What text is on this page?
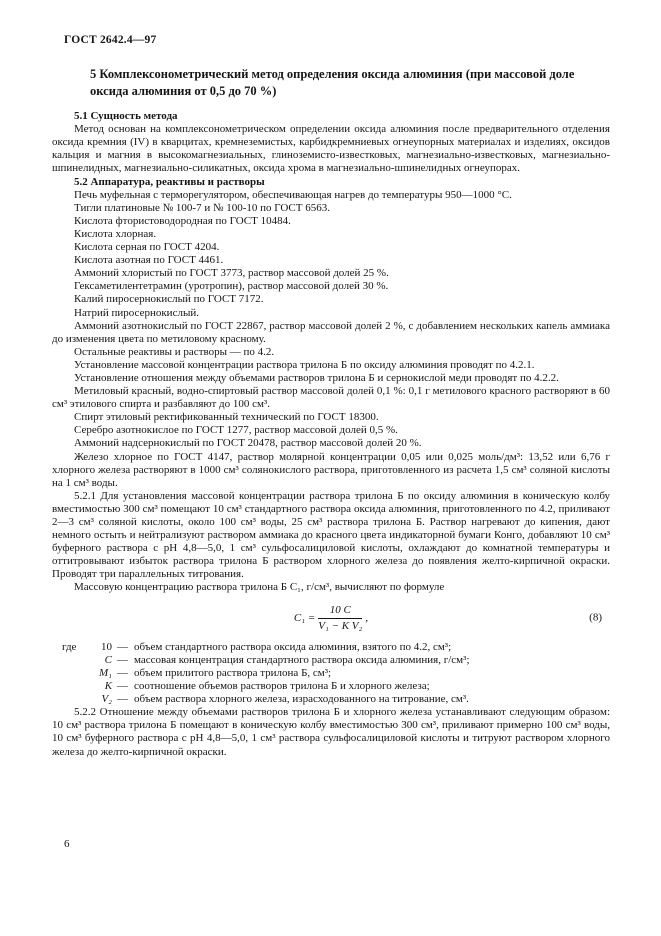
ГОСТ 2642.4—97
5 Комплексонометрический метод определения оксида алюминия (при массовой доле оксида алюминия от 0,5 до 70 %)
5.1 Сущность метода

Метод основан на комплексонометрическом определении оксида алюминия после предварительного отделения оксида кремния (IV) в кварцитах, кремнеземистых, карбидкремниевых огнеупорных материалах и изделиях, оксидов кальция и магния в высокомагнезиальных, глиноземисто-известковых, магнезиально-известковых, магнезиально-шпинелидных, магнезиально-силикатных, оксида хрома в магнезиально-шпинелидных огнеупорах.

5.2 Аппаратура, реактивы и растворы

Печь муфельная с терморегулятором, обеспечивающая нагрев до температуры 950—1000 °С.

Тигли платиновые № 100-7 и № 100-10 по ГОСТ 6563.

Кислота фтористоводородная по ГОСТ 10484.

Кислота хлорная.

Кислота серная по ГОСТ 4204.

Кислота азотная по ГОСТ 4461.

Аммоний хлористый по ГОСТ 3773, раствор массовой долей 25 %.

Гексаметилентетрамин (уротропин), раствор массовой долей 30 %.

Калий пиросернокислый по ГОСТ 7172.

Натрий пиросернокислый.

Аммоний азотнокислый по ГОСТ 22867, раствор массовой долей 2 %, с добавлением нескольких капель аммиака до изменения цвета по метиловому красному.

Остальные реактивы и растворы — по 4.2.

Установление массовой концентрации раствора трилона Б по оксиду алюминия проводят по 4.2.1.

Установление отношения между объемами растворов трилона Б и сернокислой меди проводят по 4.2.2.

Метиловый красный, водно-спиртовый раствор массовой долей 0,1 %: 0,1 г метилового красного растворяют в 60 см³ этилового спирта и разбавляют до 100 см³.

Спирт этиловый ректификованный технический по ГОСТ 18300.

Серебро азотнокислое по ГОСТ 1277, раствор массовой долей 0,5 %.

Аммоний надсернокислый по ГОСТ 20478, раствор массовой долей 20 %.

Железо хлорное по ГОСТ 4147, раствор молярной концентрации 0,05 или 0,025 моль/дм³: 13,52 или 6,76 г хлорного железа растворяют в 1000 см³ солянокислого раствора, приготовленного из расчета 1,5 см³ соляной кислоты на 1 см³ воды.

5.2.1 Для установления массовой концентрации раствора трилона Б по оксиду алюминия в коническую колбу вместимостью 300 см³ помещают 10 см³ стандартного раствора оксида алюминия, приготовленного по 4.2, приливают 2—3 см³ соляной кислоты, около 100 см³ воды, 25 см³ раствора трилона Б. Раствор нагревают до кипения, дают немного остыть и нейтрализуют раствором аммиака до красного цвета индикаторной бумаги Конго, добавляют 10 см³ буферного раствора с рН 4,8—5,0, 1 см³ сульфосалициловой кислоты, охлаждают до комнатной температуры и оттитровывают избыток раствора трилона Б раствором хлорного железа до появления желто-кирпичной окраски. Проводят три параллельных титрования.

Массовую концентрацию раствора трилона Б С₁, г/см³, вычисляют по формуле

$С_1 = \frac{10 С}{\text{V₁ − К V₂}}$ ,	(8)
где	10 — объем стандартного раствора оксида алюминия, взятого по 4.2, см³;
С — массовая концентрация стандартного раствора оксида алюминия, г/см³;
М₁ — объем прилитого раствора трилона Б, см³;
К — соотношение объемов растворов трилона Б и хлорного железа;
V₂ — объем раствора хлорного железа, израсходованного на титрование, см³.

5.2.2 Отношение между объемами растворов трилона Б и хлорного железа устанавливают следующим образом: 10 см³ раствора трилона Б помещают в коническую колбу вместимостью 300 см³, приливают примерно 100 см³ воды, 10 см³ буферного раствора с рН 4,8—5,0, 1 см³ раствора сульфосалициловой кислоты и титруют раствором хлорного железа до желто-кирпичной окраски.

6
